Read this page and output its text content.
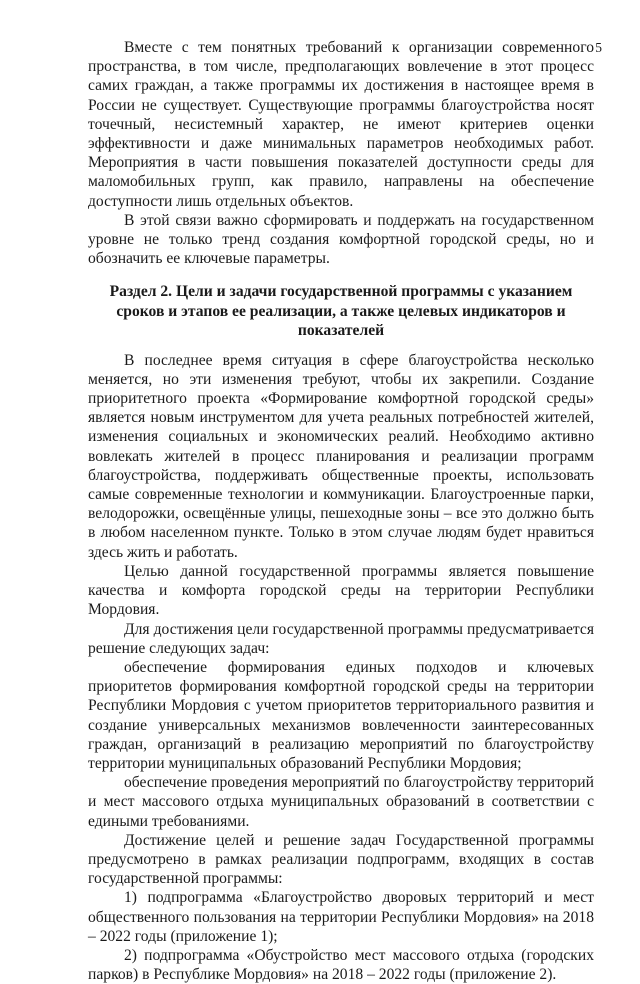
5

Вместе с тем понятных требований к организации современного пространства, в том числе, предполагающих вовлечение в этот процесс самих граждан, а также программы их достижения в настоящее время в России не существует. Существующие программы благоустройства носят точечный, несистемный характер, не имеют критериев оценки эффективности и даже минимальных параметров необходимых работ. Мероприятия в части повышения показателей доступности среды для маломобильных групп, как правило, направлены на обеспечение доступности лишь отдельных объектов.

В этой связи важно сформировать и поддержать на государственном уровне не только тренд создания комфортной городской среды, но и обозначить ее ключевые параметры.

Раздел 2. Цели и задачи государственной программы с указанием сроков и этапов ее реализации, а также целевых индикаторов и показателей

В последнее время ситуация в сфере благоустройства несколько меняется, но эти изменения требуют, чтобы их закрепили. Создание приоритетного проекта «Формирование комфортной городской среды» является новым инструментом для учета реальных потребностей жителей, изменения социальных и экономических реалий. Необходимо активно вовлекать жителей в процесс планирования и реализации программ благоустройства, поддерживать общественные проекты, использовать самые современные технологии и коммуникации. Благоустроенные парки, велодорожки, освещённые улицы, пешеходные зоны – все это должно быть в любом населенном пункте. Только в этом случае людям будет нравиться здесь жить и работать.

Целью данной государственной программы является повышение качества и комфорта городской среды на территории Республики Мордовия.

Для достижения цели государственной программы предусматривается решение следующих задач:

обеспечение формирования единых подходов и ключевых приоритетов формирования комфортной городской среды на территории Республики Мордовия с учетом приоритетов территориального развития и создание универсальных механизмов вовлеченности заинтересованных граждан, организаций в реализацию мероприятий по благоустройству территории муниципальных образований Республики Мордовия;

обеспечение проведения мероприятий по благоустройству территорий и мест массового отдыха муниципальных образований в соответствии с едиными требованиями.

Достижение целей и решение задач Государственной программы предусмотрено в рамках реализации подпрограмм, входящих в состав государственной программы:

1) подпрограмма «Благоустройство дворовых территорий и мест общественного пользования на территории Республики Мордовия» на 2018 – 2022 годы (приложение 1);

2) подпрограмма «Обустройство мест массового отдыха (городских парков) в Республике Мордовия» на 2018 – 2022 годы (приложение 2).
